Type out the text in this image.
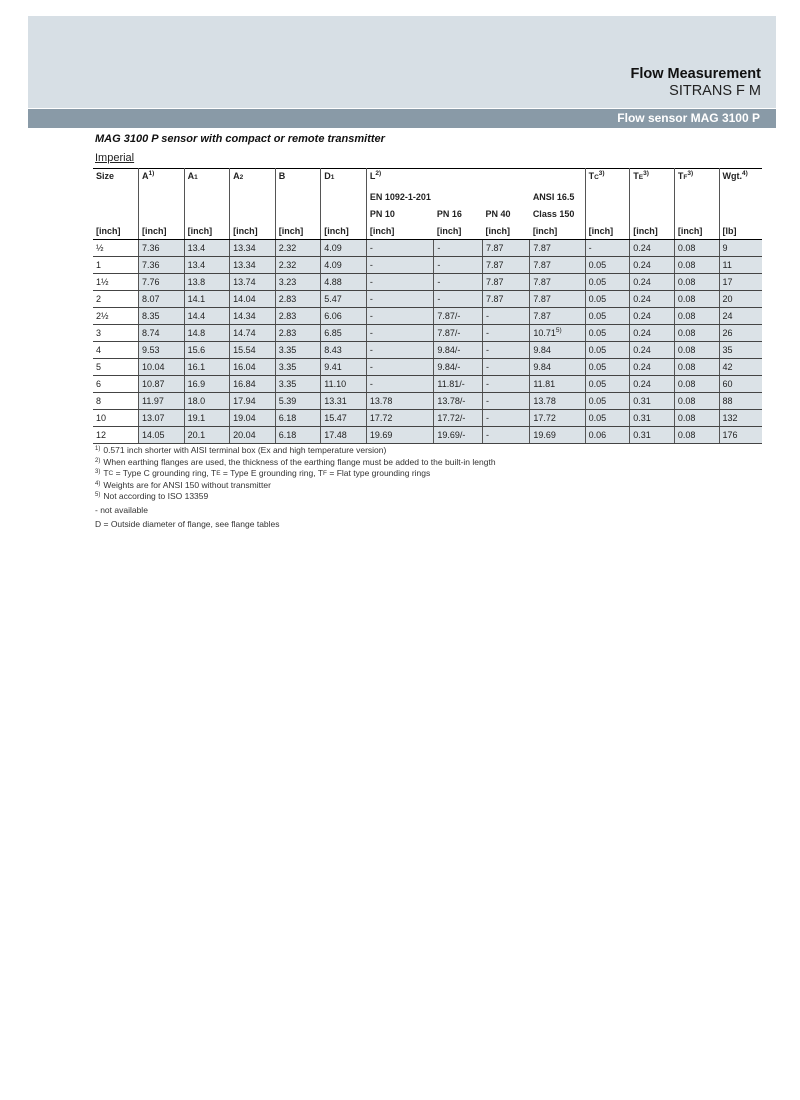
Flow Measurement
SITRANS F M
Flow sensor MAG 3100 P
MAG 3100 P sensor with compact or remote transmitter
Imperial
Size	$A^{1)}$	A1	A2	B	D1	$L^{2)}$				TC$^{3)}$	TE$^{3)}$	TF$^{3)}$	Wgt.$^{4)}$
						EN 1092-1-201			ANSI 16.5				
						PN 10	PN 16	PN 40	Class 150				
[inch]	[inch]	[inch]	[inch]	[inch]	[inch]	[inch]	[inch]	[inch]	[inch]	[inch]	[inch]	[inch]	[lb]
½	7.36	13.4	13.34	2.32	4.09	-	-	7.87	7.87	-	0.24	0.08	9
1	7.36	13.4	13.34	2.32	4.09	-	-	7.87	7.87	0.05	0.24	0.08	11
1½	7.76	13.8	13.74	3.23	4.88	-	-	7.87	7.87	0.05	0.24	0.08	17
2	8.07	14.1	14.04	2.83	5.47	-	-	7.87	7.87	0.05	0.24	0.08	20
2½	8.35	14.4	14.34	2.83	6.06	-	7.87/-	-	7.87	0.05	0.24	0.08	24
3	8.74	14.8	14.74	2.83	6.85	-	7.87/-	-	10.71$^{5)}$	0.05	0.24	0.08	26
4	9.53	15.6	15.54	3.35	8.43	-	9.84/-	-	9.84	0.05	0.24	0.08	35
5	10.04	16.1	16.04	3.35	9.41	-	9.84/-	-	9.84	0.05	0.24	0.08	42
6	10.87	16.9	16.84	3.35	11.10	-	11.81/-	-	11.81	0.05	0.24	0.08	60
8	11.97	18.0	17.94	5.39	13.31	13.78	13.78/-	-	13.78	0.05	0.31	0.08	88
10	13.07	19.1	19.04	6.18	15.47	17.72	17.72/-	-	17.72	0.05	0.31	0.08	132
12	14.05	20.1	20.04	6.18	17.48	19.69	19.69/-	-	19.69	0.06	0.31	0.08	176

$^{1)}$ 0.571 inch shorter with AISI terminal box (Ex and high temperature version)

$^{2)}$ When earthing flanges are used, the thickness of the earthing flange must be added to the built-in length

$^{3)}$ TC = Type C grounding ring, TE = Type E grounding ring, TF = Flat type grounding rings

$^{4)}$ Weights are for ANSI 150 without transmitter

$^{5)}$ Not according to ISO 13359

- not available

D = Outside diameter of flange, see flange tables
